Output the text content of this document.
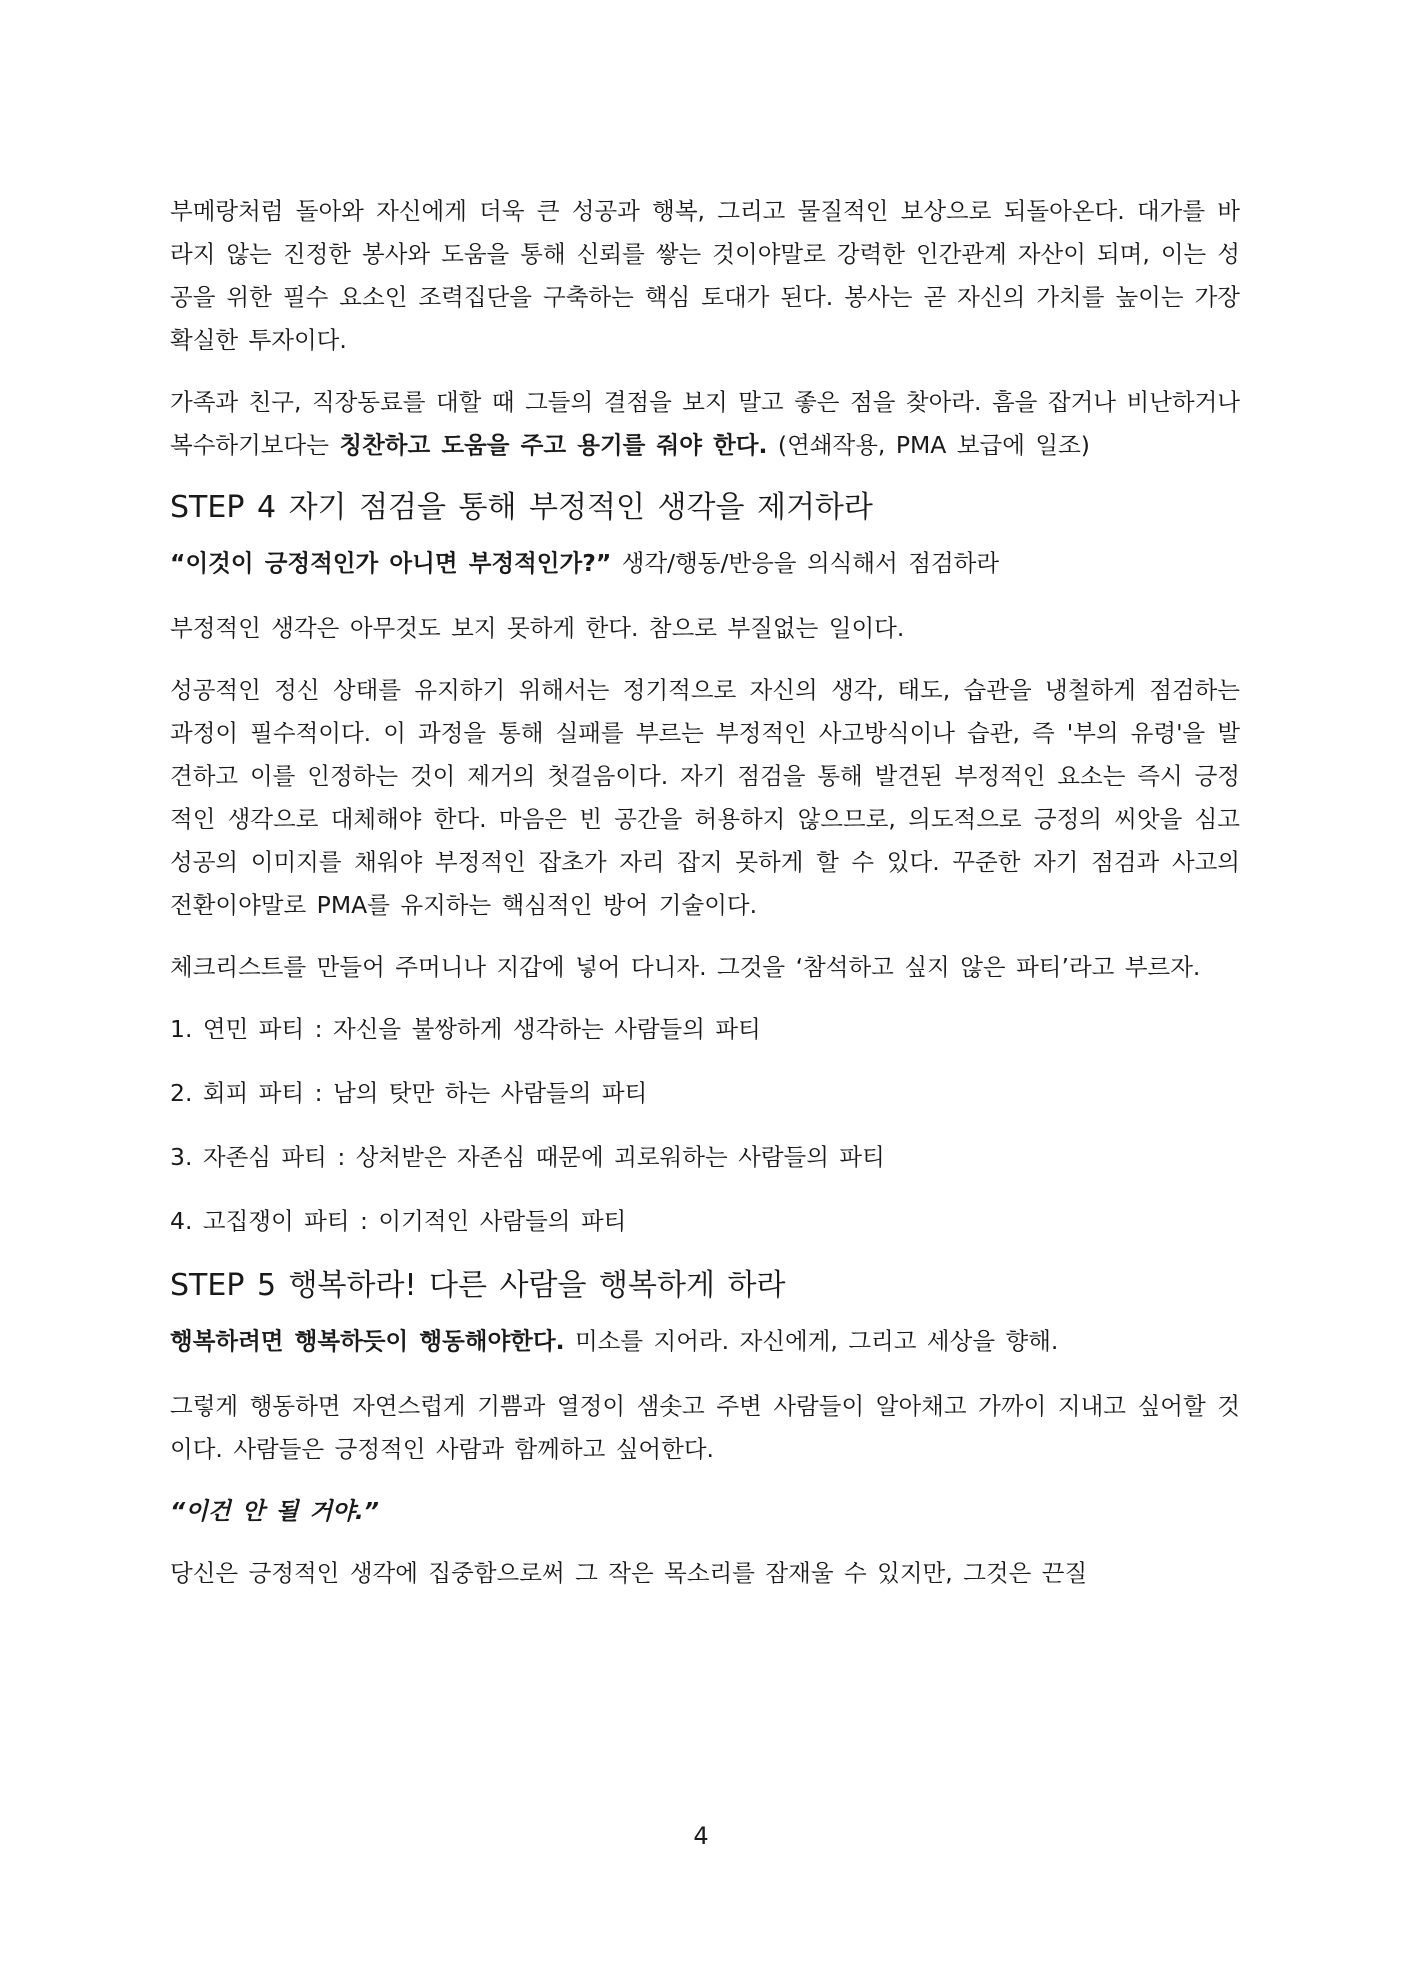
부메랑처럼 돌아와 자신에게 더욱 큰 성공과 행복, 그리고 물질적인 보상으로 되돌아온다. 대가를 바라지 않는 진정한 봉사와 도움을 통해 신뢰를 쌓는 것이야말로 강력한 인간관계 자산이 되며, 이는 성공을 위한 필수 요소인 조력집단을 구축하는 핵심 토대가 된다. 봉사는 곧 자신의 가치를 높이는 가장 확실한 투자이다.

가족과 친구, 직장동료를 대할 때 그들의 결점을 보지 말고 좋은 점을 찾아라. 흠을 잡거나 비난하거나 복수하기보다는 칭찬하고 도움을 주고 용기를 줘야 한다. (연쇄작용, PMA 보급에 일조)

STEP 4 자기 점검을 통해 부정적인 생각을 제거하라

“이것이 긍정적인가 아니면 부정적인가?” 생각/행동/반응을 의식해서 점검하라

부정적인 생각은 아무것도 보지 못하게 한다. 참으로 부질없는 일이다.

성공적인 정신 상태를 유지하기 위해서는 정기적으로 자신의 생각, 태도, 습관을 냉철하게 점검하는 과정이 필수적이다. 이 과정을 통해 실패를 부르는 부정적인 사고방식이나 습관, 즉 '부의 유령'을 발견하고 이를 인정하는 것이 제거의 첫걸음이다. 자기 점검을 통해 발견된 부정적인 요소는 즉시 긍정적인 생각으로 대체해야 한다. 마음은 빈 공간을 허용하지 않으므로, 의도적으로 긍정의 씨앗을 심고 성공의 이미지를 채워야 부정적인 잡초가 자리 잡지 못하게 할 수 있다. 꾸준한 자기 점검과 사고의 전환이야말로 PMA를 유지하는 핵심적인 방어 기술이다.

체크리스트를 만들어 주머니나 지갑에 넣어 다니자. 그것을 ‘참석하고 싶지 않은 파티’라고 부르자.

1. 연민 파티 : 자신을 불쌍하게 생각하는 사람들의 파티

2. 회피 파티 : 남의 탓만 하는 사람들의 파티

3. 자존심 파티 : 상처받은 자존심 때문에 괴로워하는 사람들의 파티

4. 고집쟁이 파티 : 이기적인 사람들의 파티

STEP 5 행복하라! 다른 사람을 행복하게 하라

행복하려면 행복하듯이 행동해야한다. 미소를 지어라. 자신에게, 그리고 세상을 향해.

그렇게 행동하면 자연스럽게 기쁨과 열정이 샘솟고 주변 사람들이 알아채고 가까이 지내고 싶어할 것이다. 사람들은 긍정적인 사람과 함께하고 싶어한다.

“이건 안 될 거야.”

당신은 긍정적인 생각에 집중함으로써 그 작은 목소리를 잠재울 수 있지만, 그것은 끈질

4
